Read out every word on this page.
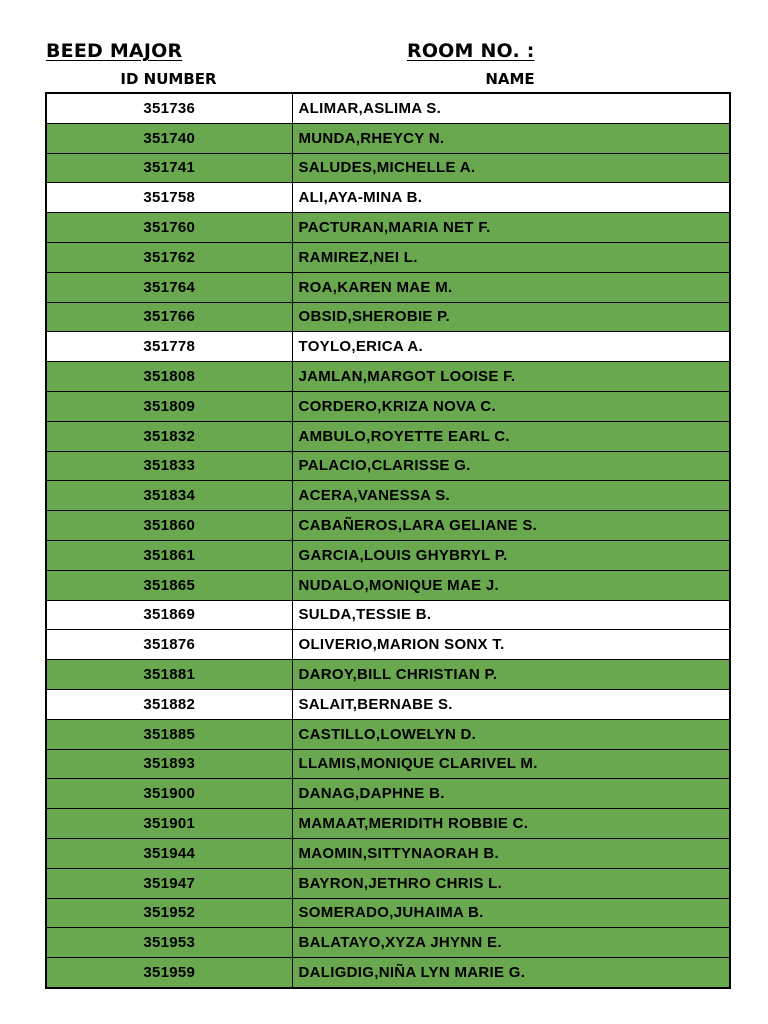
BEED MAJOR	ROOM NO. :
ID NUMBER	NAME
351736	ALIMAR,ASLIMA S.
351740	MUNDA,RHEYCY N.
351741	SALUDES,MICHELLE A.
351758	ALI,AYA-MINA B.
351760	PACTURAN,MARIA NET F.
351762	RAMIREZ,NEI L.
351764	ROA,KAREN MAE M.
351766	OBSID,SHEROBIE P.
351778	TOYLO,ERICA A.
351808	JAMLAN,MARGOT LOOISE F.
351809	CORDERO,KRIZA NOVA C.
351832	AMBULO,ROYETTE EARL C.
351833	PALACIO,CLARISSE G.
351834	ACERA,VANESSA S.
351860	CABAÑEROS,LARA GELIANE S.
351861	GARCIA,LOUIS GHYBRYL P.
351865	NUDALO,MONIQUE MAE J.
351869	SULDA,TESSIE B.
351876	OLIVERIO,MARION SONX T.
351881	DAROY,BILL CHRISTIAN P.
351882	SALAIT,BERNABE S.
351885	CASTILLO,LOWELYN D.
351893	LLAMIS,MONIQUE CLARIVEL M.
351900	DANAG,DAPHNE B.
351901	MAMAAT,MERIDITH ROBBIE C.
351944	MAOMIN,SITTYNAORAH B.
351947	BAYRON,JETHRO CHRIS L.
351952	SOMERADO,JUHAIMA B.
351953	BALATAYO,XYZA JHYNN E.
351959	DALIGDIG,NIÑA LYN MARIE G.
